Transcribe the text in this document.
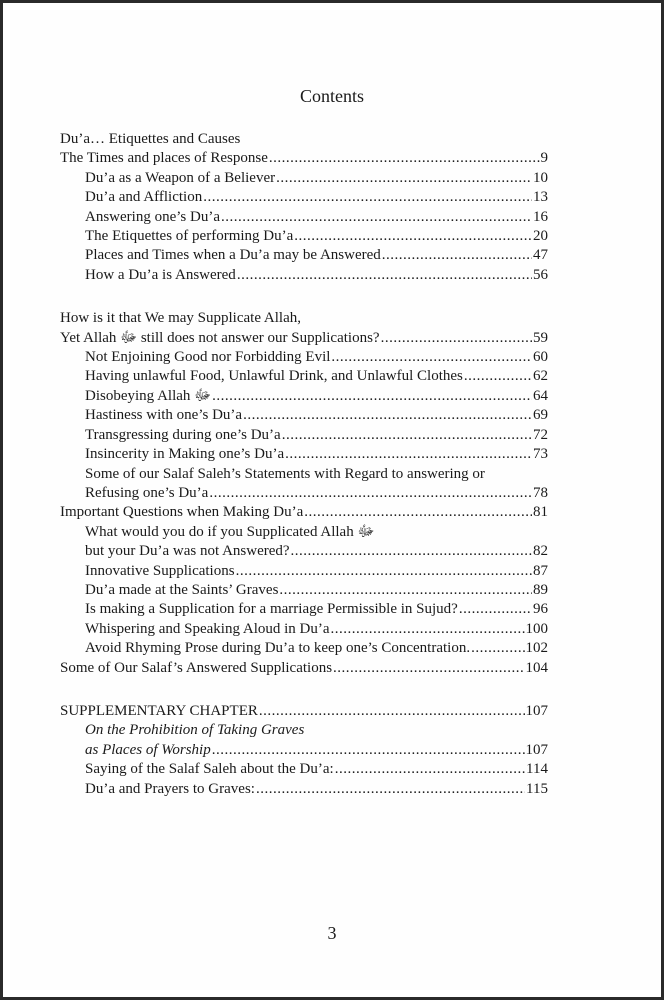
Contents
Du’a… Etiquettes and Causes
The Times and places of Response .....	9
Du’a as a Weapon of a Believer .....	10
Du’a and Affliction .....	13
Answering one’s Du’a .....	16
The Etiquettes of performing Du’a .....	20
Places and Times when a Du’a may be Answered .....	47
How a Du’a is Answered .....	56
How is it that We may Supplicate Allah,
Yet Allah ﷻ still does not answer our Supplications? .....	59
Not Enjoining Good nor Forbidding Evil .....	60
Having unlawful Food, Unlawful Drink, and Unlawful Clothes .....	62
Disobeying Allah ﷻ .....	64
Hastiness with one’s Du’a .....	69
Transgressing during one’s Du’a .....	72
Insincerity in Making one’s Du’a .....	73
Some of our Salaf Saleh’s Statements with Regard to answering or
Refusing one’s Du’a .....	78
Important Questions when Making Du’a .....	81
What would you do if you Supplicated Allah ﷻ
but your Du’a was not Answered? .....	82
Innovative Supplications .....	87
Du’a made at the Saints’ Graves .....	89
Is making a Supplication for a marriage Permissible in Sujud? .....	96
Whispering and Speaking Aloud in Du’a .....	100
Avoid Rhyming Prose during Du’a to keep one’s Concentration. .....	102
Some of Our Salaf’s Answered Supplications .....	104
SUPPLEMENTARY CHAPTER .....	107
On the Prohibition of Taking Graves
as Places of Worship .....	107
Saying of the Salaf Saleh about the Du’a: .....	114
Du’a and Prayers to Graves: .....	115
3
